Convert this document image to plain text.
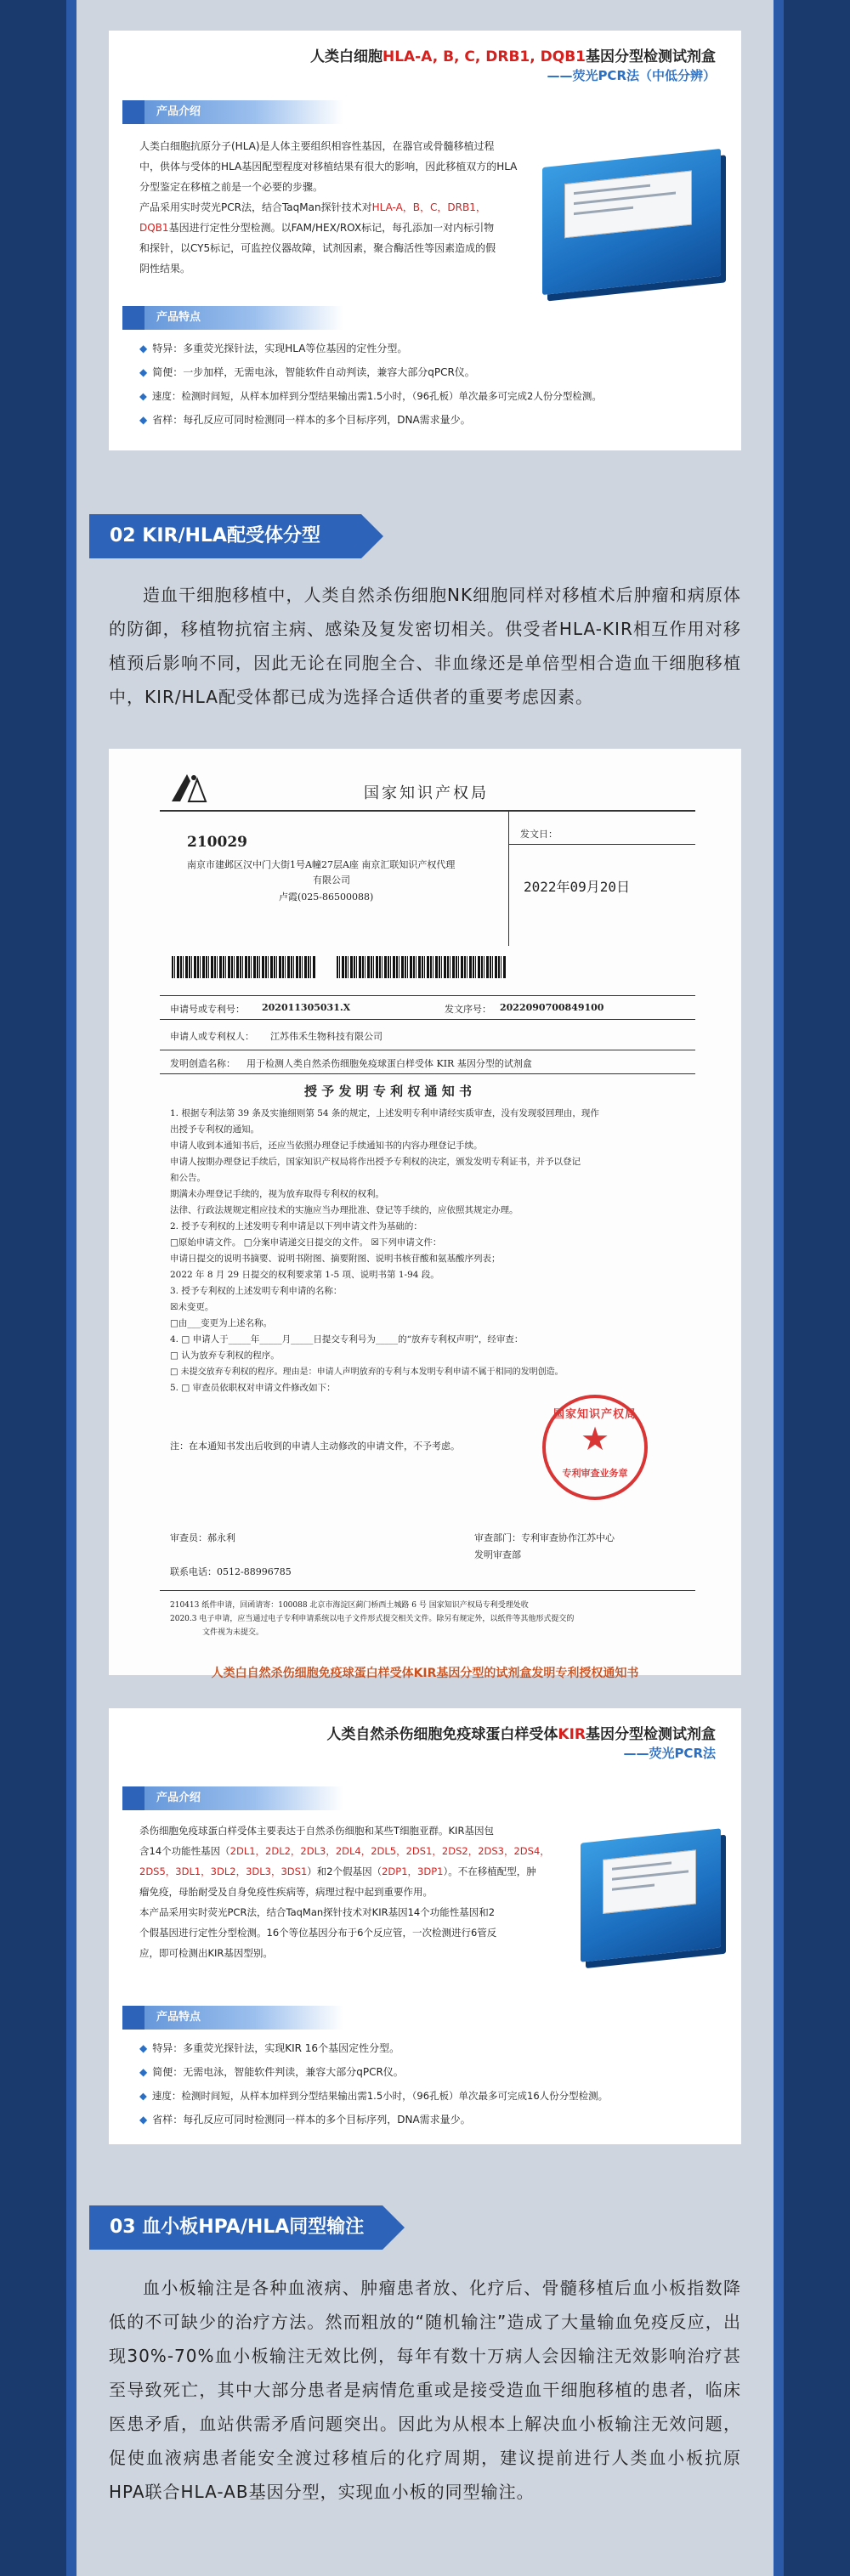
人类白细胞HLA-A, B, C, DRB1, DQB1基因分型检测试剂盒
——荧光PCR法（中低分辨）
产品介绍
人类白细胞抗原分子(HLA)是人体主要组织相容性基因，在器官或骨髓移植过程
中，供体与受体的HLA基因配型程度对移植结果有很大的影响，因此移植双方的HLA
分型鉴定在移植之前是一个必要的步骤。
产品采用实时荧光PCR法，结合TaqMan探针技术对HLA-A，B，C，DRB1，
DQB1基因进行定性分型检测。以FAM/HEX/ROX标记，每孔添加一对内标引物
和探针，以CY5标记，可监控仪器故障，试剂因素，聚合酶活性等因素造成的假
阴性结果。
产品特点
◆ 特异：多重荧光探针法，实现HLA等位基因的定性分型。
◆ 简便：一步加样，无需电泳，智能软件自动判读，兼容大部分qPCR仪。
◆ 速度：检测时间短，从样本加样到分型结果输出需1.5小时，（96孔板）单次最多可完成2人份分型检测。
◆ 省样：每孔反应可同时检测同一样本的多个目标序列，DNA需求量少。
02 KIR/HLA配受体分型
造血干细胞移植中，人类自然杀伤细胞NK细胞同样对移植术后肿瘤和病原体的防御，移植物抗宿主病、感染及复发密切相关。供受者HLA-KIR相互作用对移植预后影响不同，因此无论在同胞全合、非血缘还是单倍型相合造血干细胞移植中，KIR/HLA配受体都已成为选择合适供者的重要考虑因素。
国家知识产权局
210029
南京市建邺区汉中门大街1号A幢27层A座 南京汇联知识产权代理
有限公司
卢霞(025-86500088)
发文日：
2022年09月20日
申请号或专利号： 202011305031.X	发文序号： 2022090700849100
申请人或专利权人： 江苏伟禾生物科技有限公司
发明创造名称： 用于检测人类自然杀伤细胞免疫球蛋白样受体 KIR 基因分型的试剂盒
授 予 发 明 专 利 权 通 知 书
1. 根据专利法第 39 条及实施细则第 54 条的规定，上述发明专利申请经实质审查，没有发现驳回理由，现作
出授予专利权的通知。
申请人收到本通知书后，还应当依照办理登记手续通知书的内容办理登记手续。
申请人按期办理登记手续后，国家知识产权局将作出授予专利权的决定，颁发发明专利证书，并予以登记
和公告。
期满未办理登记手续的，视为放弃取得专利权的权利。
法律、行政法规规定相应技术的实施应当办理批准、登记等手续的，应依照其规定办理。
2. 授予专利权的上述发明专利申请是以下列申请文件为基础的：
□原始申请文件。 □分案申请递交日提交的文件。 ☒下列申请文件：
申请日提交的说明书摘要、说明书附图、摘要附图、说明书核苷酸和氨基酸序列表；
2022 年 8 月 29 日提交的权利要求第 1-5 项、说明书第 1-94 段。
3. 授予专利权的上述发明专利申请的名称：
☒未变更。
□由___变更为上述名称。
4. □ 申请人于_____年_____月_____日提交专利号为_____的“放弃专利权声明”，经审查：
□ 认为放弃专利权的程序。
□ 未提交放弃专利权的程序。理由是：申请人声明放弃的专利与本发明专利申请不属于相同的发明创造。
5. □ 审查员依职权对申请文件修改如下：
注：在本通知书发出后收到的申请人主动修改的申请文件，不予考虑。
国家知识产权局
★
专利审查业务章
审查员：郝永利	审查部门：专利审查协作江苏中心
发明审查部
联系电话：0512-88996785
210413 纸件申请，回函请寄：100088 北京市海淀区蓟门桥西土城路 6 号 国家知识产权局专利受理处收
2020.3 电子申请，应当通过电子专利申请系统以电子文件形式提交相关文件。除另有规定外，以纸件等其他形式提交的
文件视为未提交。
人类白自然杀伤细胞免疫球蛋白样受体KIR基因分型的试剂盒发明专利授权通知书
人类自然杀伤细胞免疫球蛋白样受体KIR基因分型检测试剂盒
——荧光PCR法
产品介绍
杀伤细胞免疫球蛋白样受体主要表达于自然杀伤细胞和某些T细胞亚群。KIR基因包
含14个功能性基因（2DL1，2DL2，2DL3，2DL4，2DL5，2DS1，2DS2，2DS3，2DS4，
2DS5，3DL1，3DL2，3DL3，3DS1）和2个假基因（2DP1，3DP1）。不在移植配型，肿
瘤免疫，母胎耐受及自身免疫性疾病等，病理过程中起到重要作用。
本产品采用实时荧光PCR法，结合TaqMan探针技术对KIR基因14个功能性基因和2
个假基因进行定性分型检测。16个等位基因分布于6个反应管，一次检测进行6管反
应，即可检测出KIR基因型别。
产品特点
◆ 特异：多重荧光探针法，实现KIR 16个基因定性分型。
◆ 简便：无需电泳，智能软件判读，兼容大部分qPCR仪。
◆ 速度：检测时间短，从样本加样到分型结果输出需1.5小时，（96孔板）单次最多可完成16人份分型检测。
◆ 省样：每孔反应可同时检测同一样本的多个目标序列，DNA需求量少。
03 血小板HPA/HLA同型输注
血小板输注是各种血液病、肿瘤患者放、化疗后、骨髓移植后血小板指数降低的不可缺少的治疗方法。然而粗放的“随机输注”造成了大量输血免疫反应，出现30%-70%血小板输注无效比例，每年有数十万病人会因输注无效影响治疗甚至导致死亡，其中大部分患者是病情危重或是接受造血干细胞移植的患者，临床医患矛盾，血站供需矛盾问题突出。因此为从根本上解决血小板输注无效问题，促使血液病患者能安全渡过移植后的化疗周期，建议提前进行人类血小板抗原HPA联合HLA-AB基因分型，实现血小板的同型输注。
